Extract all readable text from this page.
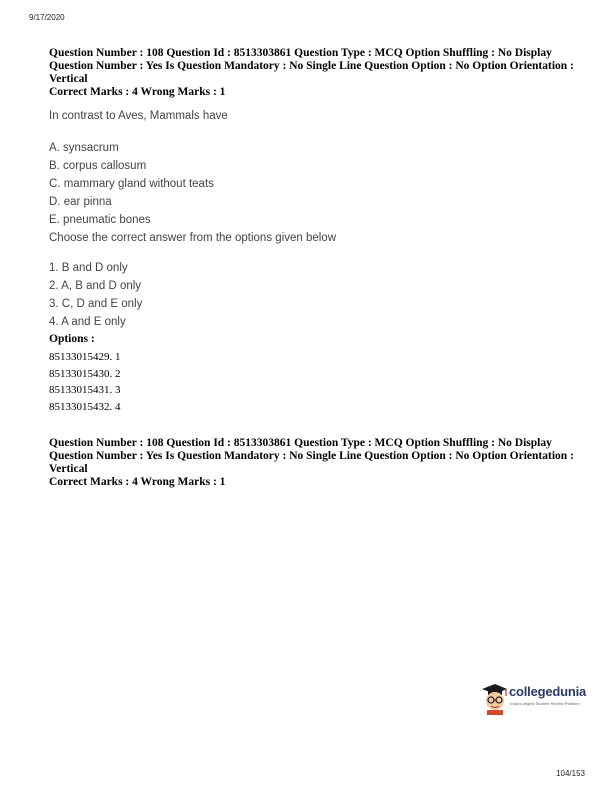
9/17/2020

Question Number : 108 Question Id : 8513303861 Question Type : MCQ Option Shuffling : No Display Question Number : Yes Is Question Mandatory : No Single Line Question Option : No Option Orientation : Vertical

Correct Marks : 4 Wrong Marks : 1

In contrast to Aves, Mammals have
A. synsacrum
B. corpus callosum
C. mammary gland without teats
D. ear pinna
E. pneumatic bones
Choose the correct answer from the options given below
1. B and D only
2. A, B and D only
3. C, D and E only
4. A and E only
Options :
85133015429. 1
85133015430. 2
85133015431. 3
85133015432. 4

Question Number : 108 Question Id : 8513303861 Question Type : MCQ Option Shuffling : No Display Question Number : Yes Is Question Mandatory : No Single Line Question Option : No Option Orientation : Vertical

Correct Marks : 4 Wrong Marks : 1

collegedunia
India's largest Student Review Platform
104/153
